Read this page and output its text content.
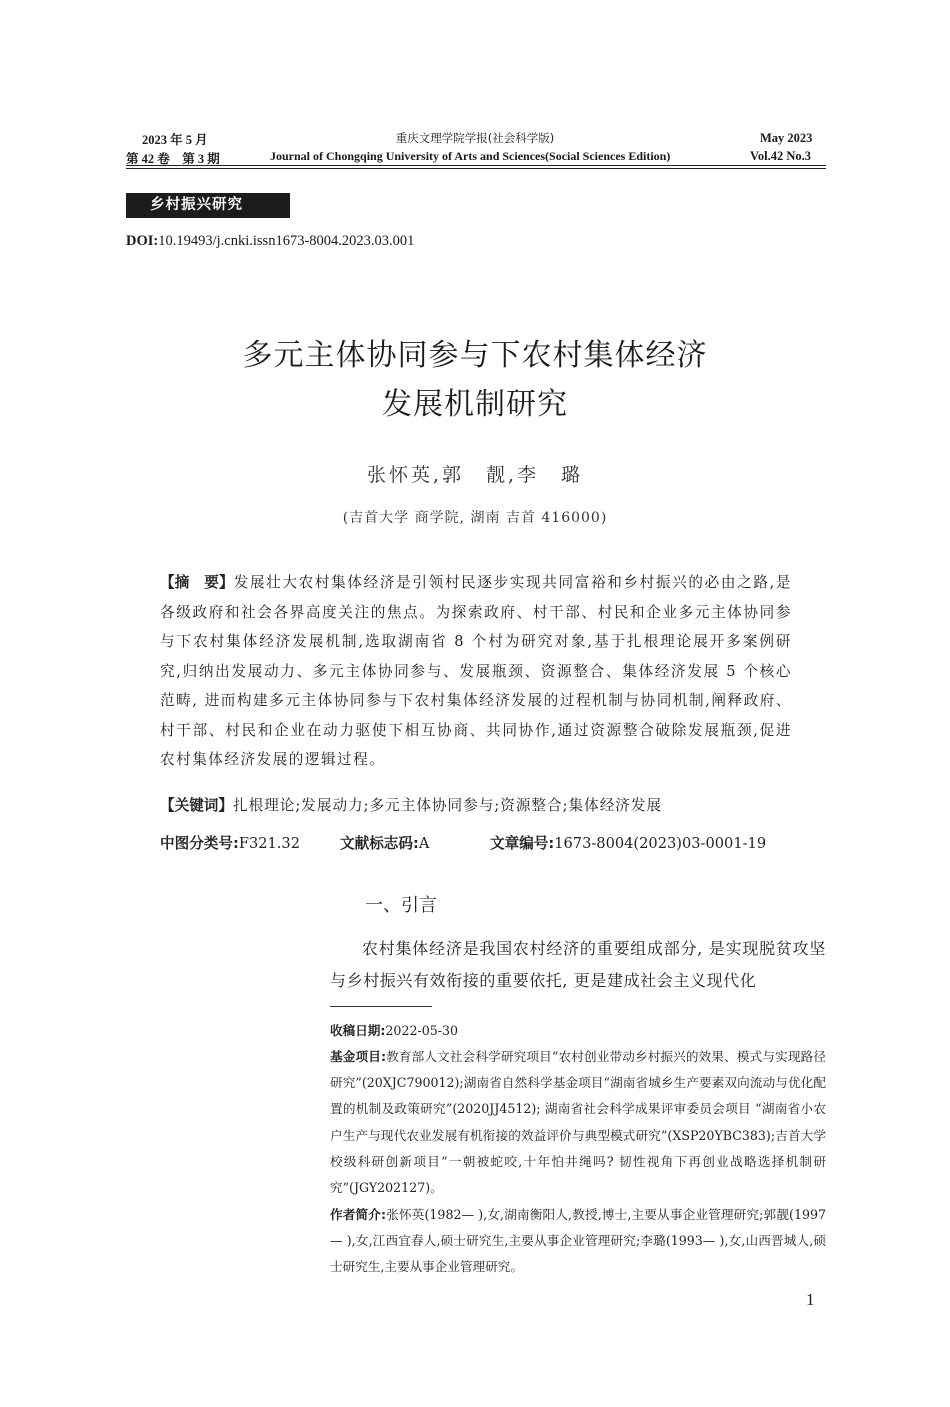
2023 年 5 月
第 42 卷　第 3 期
重庆文理学院学报(社会科学版)
Journal of Chongqing University of Arts and Sciences(Social Sciences Edition)
May 2023
Vol.42 No.3
乡村振兴研究
DOI:10.19493/j.cnki.issn1673-8004.2023.03.001
多元主体协同参与下农村集体经济
发展机制研究
张怀英,郭　靓,李　璐
(吉首大学 商学院, 湖南 吉首 416000)
【摘　要】发展壮大农村集体经济是引领村民逐步实现共同富裕和乡村振兴的必由之路,是各级政府和社会各界高度关注的焦点。为探索政府、村干部、村民和企业多元主体协同参与下农村集体经济发展机制,选取湖南省 8 个村为研究对象,基于扎根理论展开多案例研究,归纳出发展动力、多元主体协同参与、发展瓶颈、资源整合、集体经济发展 5 个核心范畴, 进而构建多元主体协同参与下农村集体经济发展的过程机制与协同机制,阐释政府、村干部、村民和企业在动力驱使下相互协商、共同协作,通过资源整合破除发展瓶颈,促进农村集体经济发展的逻辑过程。
【关键词】扎根理论;发展动力;多元主体协同参与;资源整合;集体经济发展
中图分类号:F321.32	文献标志码:A	文章编号:1673-8004(2023)03-0001-19
一、引言

农村集体经济是我国农村经济的重要组成部分, 是实现脱贫攻坚与乡村振兴有效衔接的重要依托, 更是建成社会主义现代化

收稿日期:2022-05-30
基金项目:教育部人文社会科学研究项目“农村创业带动乡村振兴的效果、模式与实现路径研究”(20XJC790012);湖南省自然科学基金项目“湖南省城乡生产要素双向流动与优化配置的机制及政策研究”(2020JJ4512); 湖南省社会科学成果评审委员会项目 “湖南省小农户生产与现代农业发展有机衔接的效益评价与典型模式研究”(XSP20YBC383);吉首大学校级科研创新项目“一朝被蛇咬,十年怕井绳吗? 韧性视角下再创业战略选择机制研究”(JGY202127)。
作者简介:张怀英(1982— ),女,湖南衡阳人,教授,博士,主要从事企业管理研究;郭靓(1997— ),女,江西宜春人,硕士研究生,主要从事企业管理研究;李璐(1993— ),女,山西晋城人,硕士研究生,主要从事企业管理研究。
1
